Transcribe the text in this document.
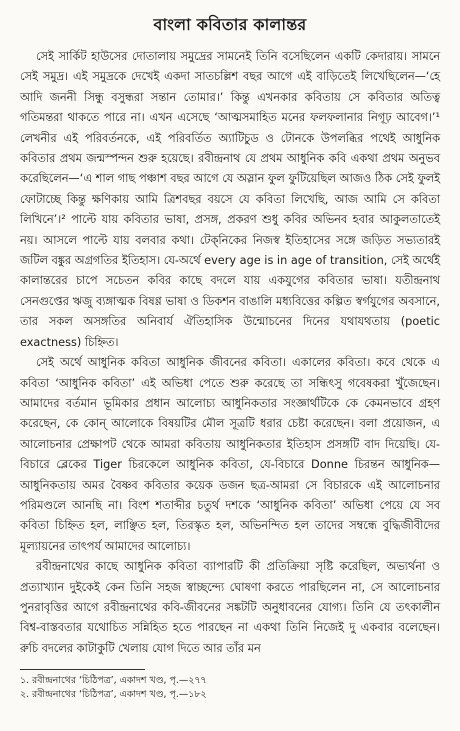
বাংলা কবিতার কালান্তর

সেই সার্কিট হাউসের দোতালায় সমুদ্রের সামনেই তিনি বসেছিলেন একটি কেদারায়। সামনে সেই সমুদ্র। এই সমুদ্রকে দেখেই একদা সাতচল্লিশ বছর আগে এই বাড়িতেই লিখেছিলেন—‘হে আদি জননী সিন্ধু বসুন্ধরা সন্তান তোমার।’ কিন্তু এখনকার কবিতায় সে কবিতার অতিত্ব গতিমন্তরা থাকতে পারে না। এখন এসেছে ‘আত্মসমাহিত মনের ফলফলানার নিগূঢ় আবেগ।’¹ লেখনীর এই পরিবর্তনকে, এই পরিবর্তিত অ্যাটিচুড ও টোনকে উপলব্ধির পথেই আধুনিক কবিতার প্রথম জন্মস্পন্দন শুরু হয়েছে। রবীন্দ্রনাথ যে প্রথম আধুনিক কবি একথা প্রথম অনুভব করেছিলেন—‘এ শাল গাছ পঞ্চাশ বছর আগে যে অস্লান ফুল ফুটিয়েছিল আজও ঠিক সেই ফুলই ফোটাচ্ছে কিন্তু ক্ষণিকায় আমি ত্রিশবছর বয়সে যে কবিতা লিখেছি, আজ আমি সে কবিতা লিখিনে’।² পাল্টে যায় কবিতার ভাষা, প্রসঙ্গ, প্রকরণ শুধু কবির অভিনব হবার আকুলতাতেই নয়। আসলে পাল্টে যায় বলবার কথা। টেক্‌নিকের নিজস্ব ইতিহাসের সঙ্গে জড়িত সভ্যতারই জটিল বঙ্কুর অগ্রগতির ইতিহাস। যে-অর্থে every age is in age of transition, সেই অর্থেই কালান্তরের চাপে সচেতন কবির কাছে বদলে যায় একযুগের কবিতার ভাষা। যতীন্দ্রনাথ সেনগুপ্তের ঋজু ব্যঙ্গাত্মক বিষণ্ণ ভাষা ও ডিকশন বাঙালি মধ্যবিত্তের কল্পিত স্বর্গযুগের অবসানে, তার সকল অসঙ্গতির অনিবার্য ঐতিহাসিক উন্মোচনের দিনের যথাযথতায় (poetic exactness) চিহ্নিত।

সেই অর্থে আধুনিক কবিতা আধুনিক জীবনের কবিতা। একালের কবিতা। কবে থেকে এ কবিতা ‘আধুনিক কবিতা’ এই অভিধা পেতে শুরু করেছে তা সন্ধিৎসু গবেষকরা খুঁজেছেন। আমাদের বর্তমান ভূমিকার প্রধান আলোচ্য আধুনিকতার সংজ্ঞার্থটিকে কে কেমনভাবে গ্রহণ করেছেন, কে কোন্ আলোকে বিষয়টির মৌল সূত্রটি ধরার চেষ্টা করেছেন। বলা প্রয়োজন, এ আলোচনার প্রেক্ষাপট থেকে আমরা কবিতায় আধুনিকতার ইতিহাস প্রসঙ্গটি বাদ দিয়েছি। যে-বিচারে ব্লেকের Tiger চিরকেলে আধুনিক কবিতা, যে-বিচারে Donne চিরন্তন আধুনিক—আধুনিকতায় অমর বৈষ্ণব কবিতার কয়েক ডজন ছত্র-আমরা সে বিচারকে এই আলোচনার পরিমণ্ডলে আনছি না। বিংশ শতাব্দীর চতুর্থ দশকে ‘আধুনিক কবিতা’ অভিধা পেয়ে যে সব কবিতা চিহ্নিত হল, লাঞ্ছিত হল, তিরস্কৃত হল, অভিনন্দিত হল তাদের সম্বন্ধে বুদ্ধিজীবীদের মূল্যায়নের তাৎপর্য আমাদের আলোচ্য।

রবীন্দ্রনাথের কাছে আধুনিক কবিতা ব্যাপারটি কী প্রতিক্রিয়া সৃষ্টি করেছিল, অভ্যর্থনা ও প্রত্যাখ্যান দুইকেই কেন তিনি সহজ স্বাচ্ছন্দ্যে ঘোষণা করতে পারছিলেন না, সে আলোচনার পুনরাবৃত্তির আগে রবীন্দ্রনাথের কবি-জীবনের সঙ্কটটি অনুধাবনের যোগ্য। তিনি যে তৎকালীন বিশ্ব-বাস্তবতার যথোচিত সন্নিহিত হতে পারছেন না একথা তিনি নিজেই দু একবার বলেছেন। রুচি বদলের কাটাকুটি খেলায় যোগ দিতে আর তাঁর মন

১. রবীন্দ্রনাথের ‘চিঠিপত্র’, একাদশ খণ্ড, পৃ.—২৭৭
২. রবীন্দ্রনাথের ‘চিঠিপত্র’, একাদশ খণ্ড, পৃ.—১৮২
